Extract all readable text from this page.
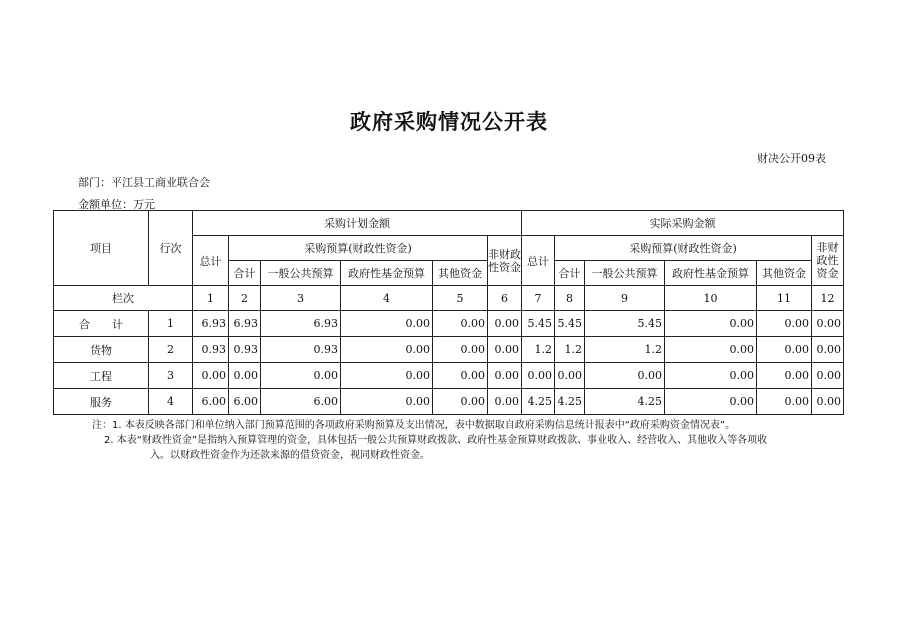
政府采购情况公开表
财决公开09表
部门：平江县工商业联合会
金额单位：万元
项目	行次	采购计划金额						实际采购金额					
		总计	采购预算(财政性资金)				非财政性资金	总计	采购预算(财政性资金)				非财政性资金
			合计	一般公共预算	政府性基金预算	其他资金			合计	一般公共预算	政府性基金预算	其他资金	
栏次		1	2	3	4	5	6	7	8	9	10	11	12
合　　计	1	6.93	6.93	6.93	0.00	0.00	0.00	5.45	5.45	5.45	0.00	0.00	0.00
货物	2	0.93	0.93	0.93	0.00	0.00	0.00	1.2	1.2	1.2	0.00	0.00	0.00
工程	3	0.00	0.00	0.00	0.00	0.00	0.00	0.00	0.00	0.00	0.00	0.00	0.00
服务	4	6.00	6.00	6.00	0.00	0.00	0.00	4.25	4.25	4.25	0.00	0.00	0.00
注：1. 本表反映各部门和单位纳入部门预算范围的各项政府采购预算及支出情况，表中数据取自政府采购信息统计报表中“政府采购资金情况表”。
2. 本表“财政性资金”是指纳入预算管理的资金，具体包括一般公共预算财政拨款、政府性基金预算财政拨款、事业收入、经营收入、其他收入等各项收
入。以财政性资金作为还款来源的借贷资金，视同财政性资金。
